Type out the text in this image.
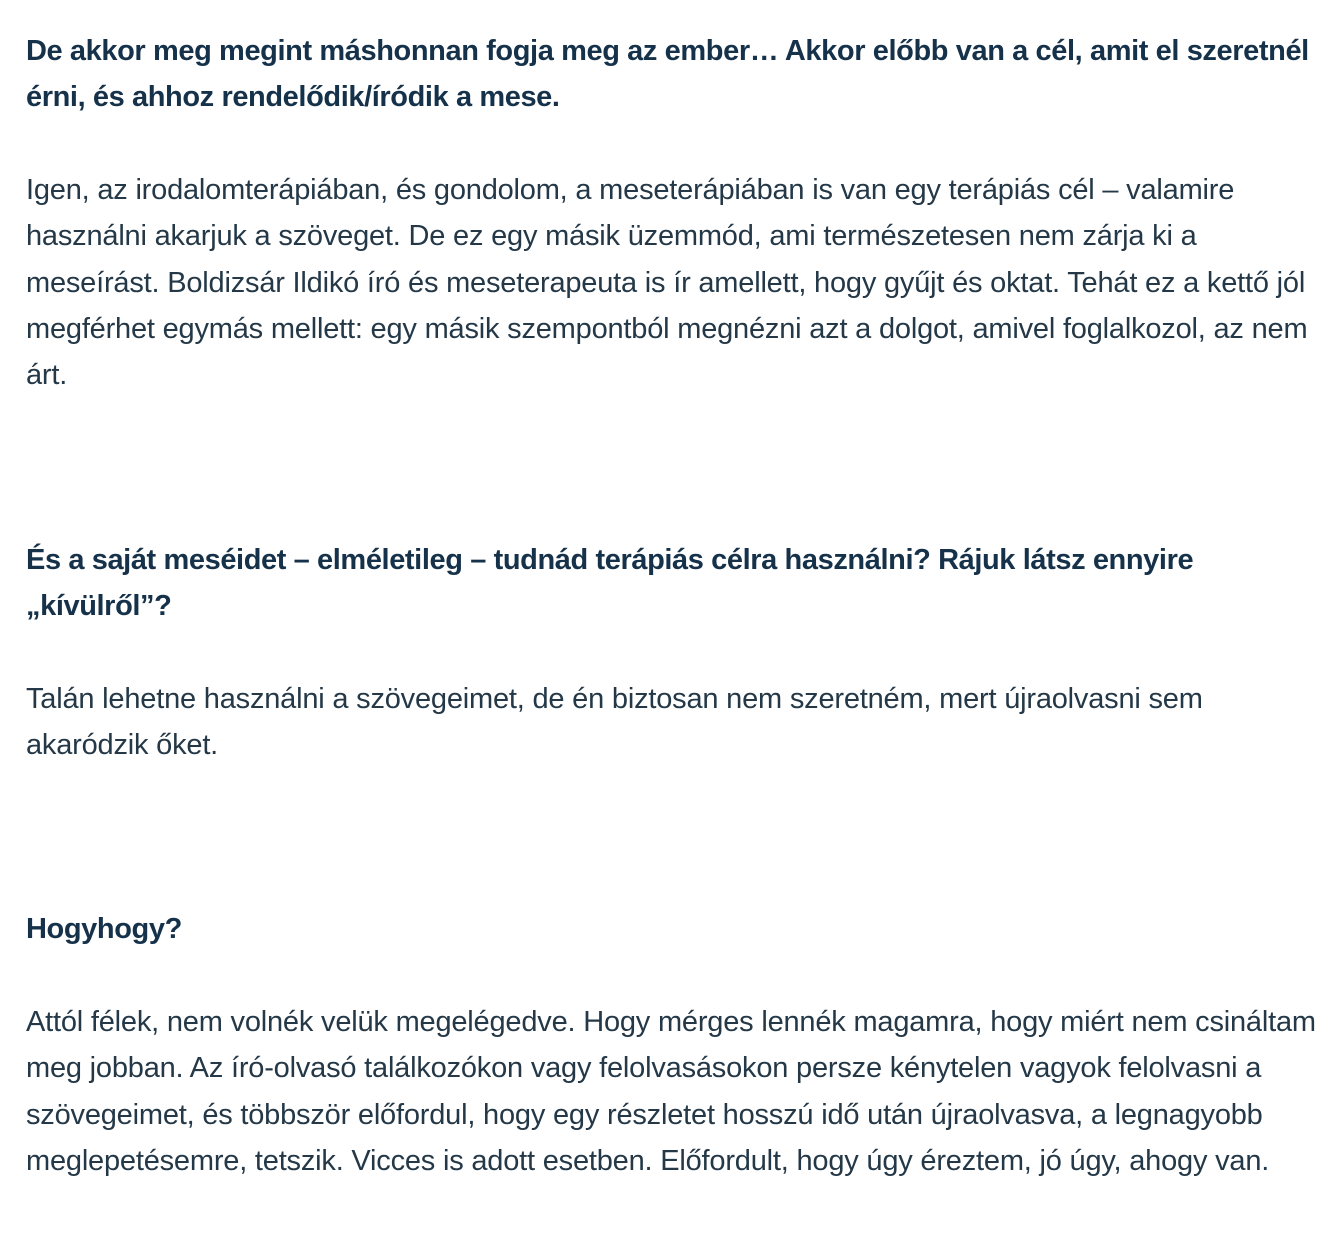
De akkor meg megint máshonnan fogja meg az ember… Akkor előbb van a cél, amit el szeretnél érni, és ahhoz rendelődik/íródik a mese.

Igen, az irodalomterápiában, és gondolom, a meseterápiában is van egy terápiás cél – valamire használni akarjuk a szöveget. De ez egy másik üzemmód, ami természetesen nem zárja ki a meseírást. Boldizsár Ildikó író és meseterapeuta is ír amellett, hogy gyűjt és oktat. Tehát ez a kettő jól megférhet egymás mellett: egy másik szempontból megnézni azt a dolgot, amivel foglalkozol, az nem árt.

És a saját meséidet – elméletileg – tudnád terápiás célra használni? Rájuk látsz ennyire „kívülről”?

Talán lehetne használni a szövegeimet, de én biztosan nem szeretném, mert újraolvasni sem akaródzik őket.

Hogyhogy?

Attól félek, nem volnék velük megelégedve. Hogy mérges lennék magamra, hogy miért nem csináltam meg jobban. Az író-olvasó találkozókon vagy felolvasásokon persze kénytelen vagyok felolvasni a szövegeimet, és többször előfordul, hogy egy részletet hosszú idő után újraolvasva, a legnagyobb meglepetésemre, tetszik. Vicces is adott esetben. Előfordult, hogy úgy éreztem, jó úgy, ahogy van.
